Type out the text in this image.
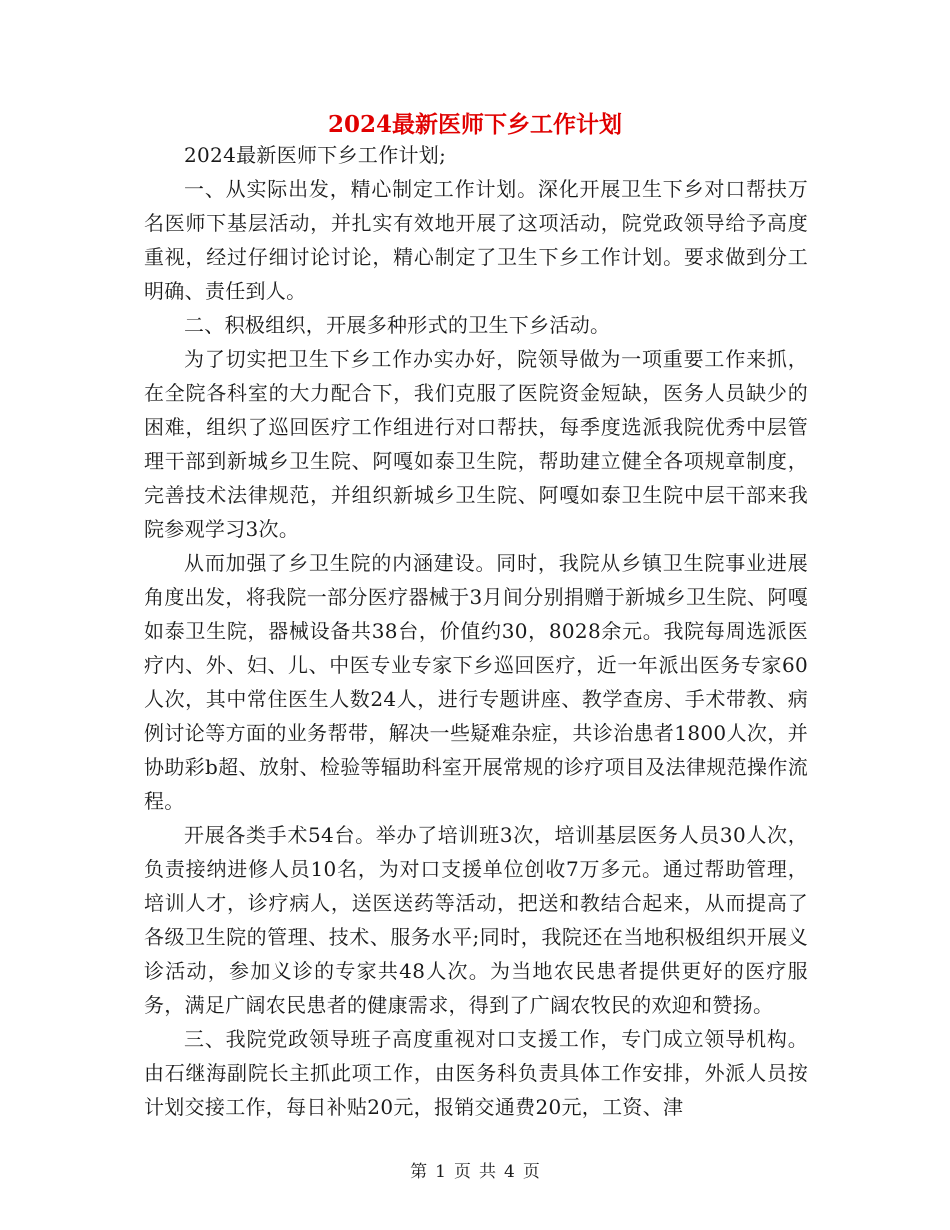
2024最新医师下乡工作计划

2024最新医师下乡工作计划;

一、从实际出发，精心制定工作计划。深化开展卫生下乡对口帮扶万名医师下基层活动，并扎实有效地开展了这项活动，院党政领导给予高度重视，经过仔细讨论讨论，精心制定了卫生下乡工作计划。要求做到分工明确、责任到人。

二、积极组织，开展多种形式的卫生下乡活动。

为了切实把卫生下乡工作办实办好，院领导做为一项重要工作来抓，在全院各科室的大力配合下，我们克服了医院资金短缺，医务人员缺少的困难，组织了巡回医疗工作组进行对口帮扶，每季度选派我院优秀中层管理干部到新城乡卫生院、阿嘎如泰卫生院，帮助建立健全各项规章制度，完善技术法律规范，并组织新城乡卫生院、阿嘎如泰卫生院中层干部来我院参观学习3次。

从而加强了乡卫生院的内涵建设。同时，我院从乡镇卫生院事业进展角度出发，将我院一部分医疗器械于3月间分别捐赠于新城乡卫生院、阿嘎如泰卫生院，器械设备共38台，价值约30，8028余元。我院每周选派医疗内、外、妇、儿、中医专业专家下乡巡回医疗，近一年派出医务专家60人次，其中常住医生人数24人，进行专题讲座、教学查房、手术带教、病例讨论等方面的业务帮带，解决一些疑难杂症，共诊治患者1800人次，并协助彩b超、放射、检验等辐助科室开展常规的诊疗项目及法律规范操作流程。

开展各类手术54台。举办了培训班3次，培训基层医务人员30人次，负责接纳进修人员10名，为对口支援单位创收7万多元。通过帮助管理，培训人才，诊疗病人，送医送药等活动，把送和教结合起来，从而提高了各级卫生院的管理、技术、服务水平;同时，我院还在当地积极组织开展义诊活动，参加义诊的专家共48人次。为当地农民患者提供更好的医疗服务，满足广阔农民患者的健康需求，得到了广阔农牧民的欢迎和赞扬。

三、我院党政领导班子高度重视对口支援工作，专门成立领导机构。由石继海副院长主抓此项工作，由医务科负责具体工作安排，外派人员按计划交接工作，每日补贴20元，报销交通费20元，工资、津

第 1 页 共 4 页
